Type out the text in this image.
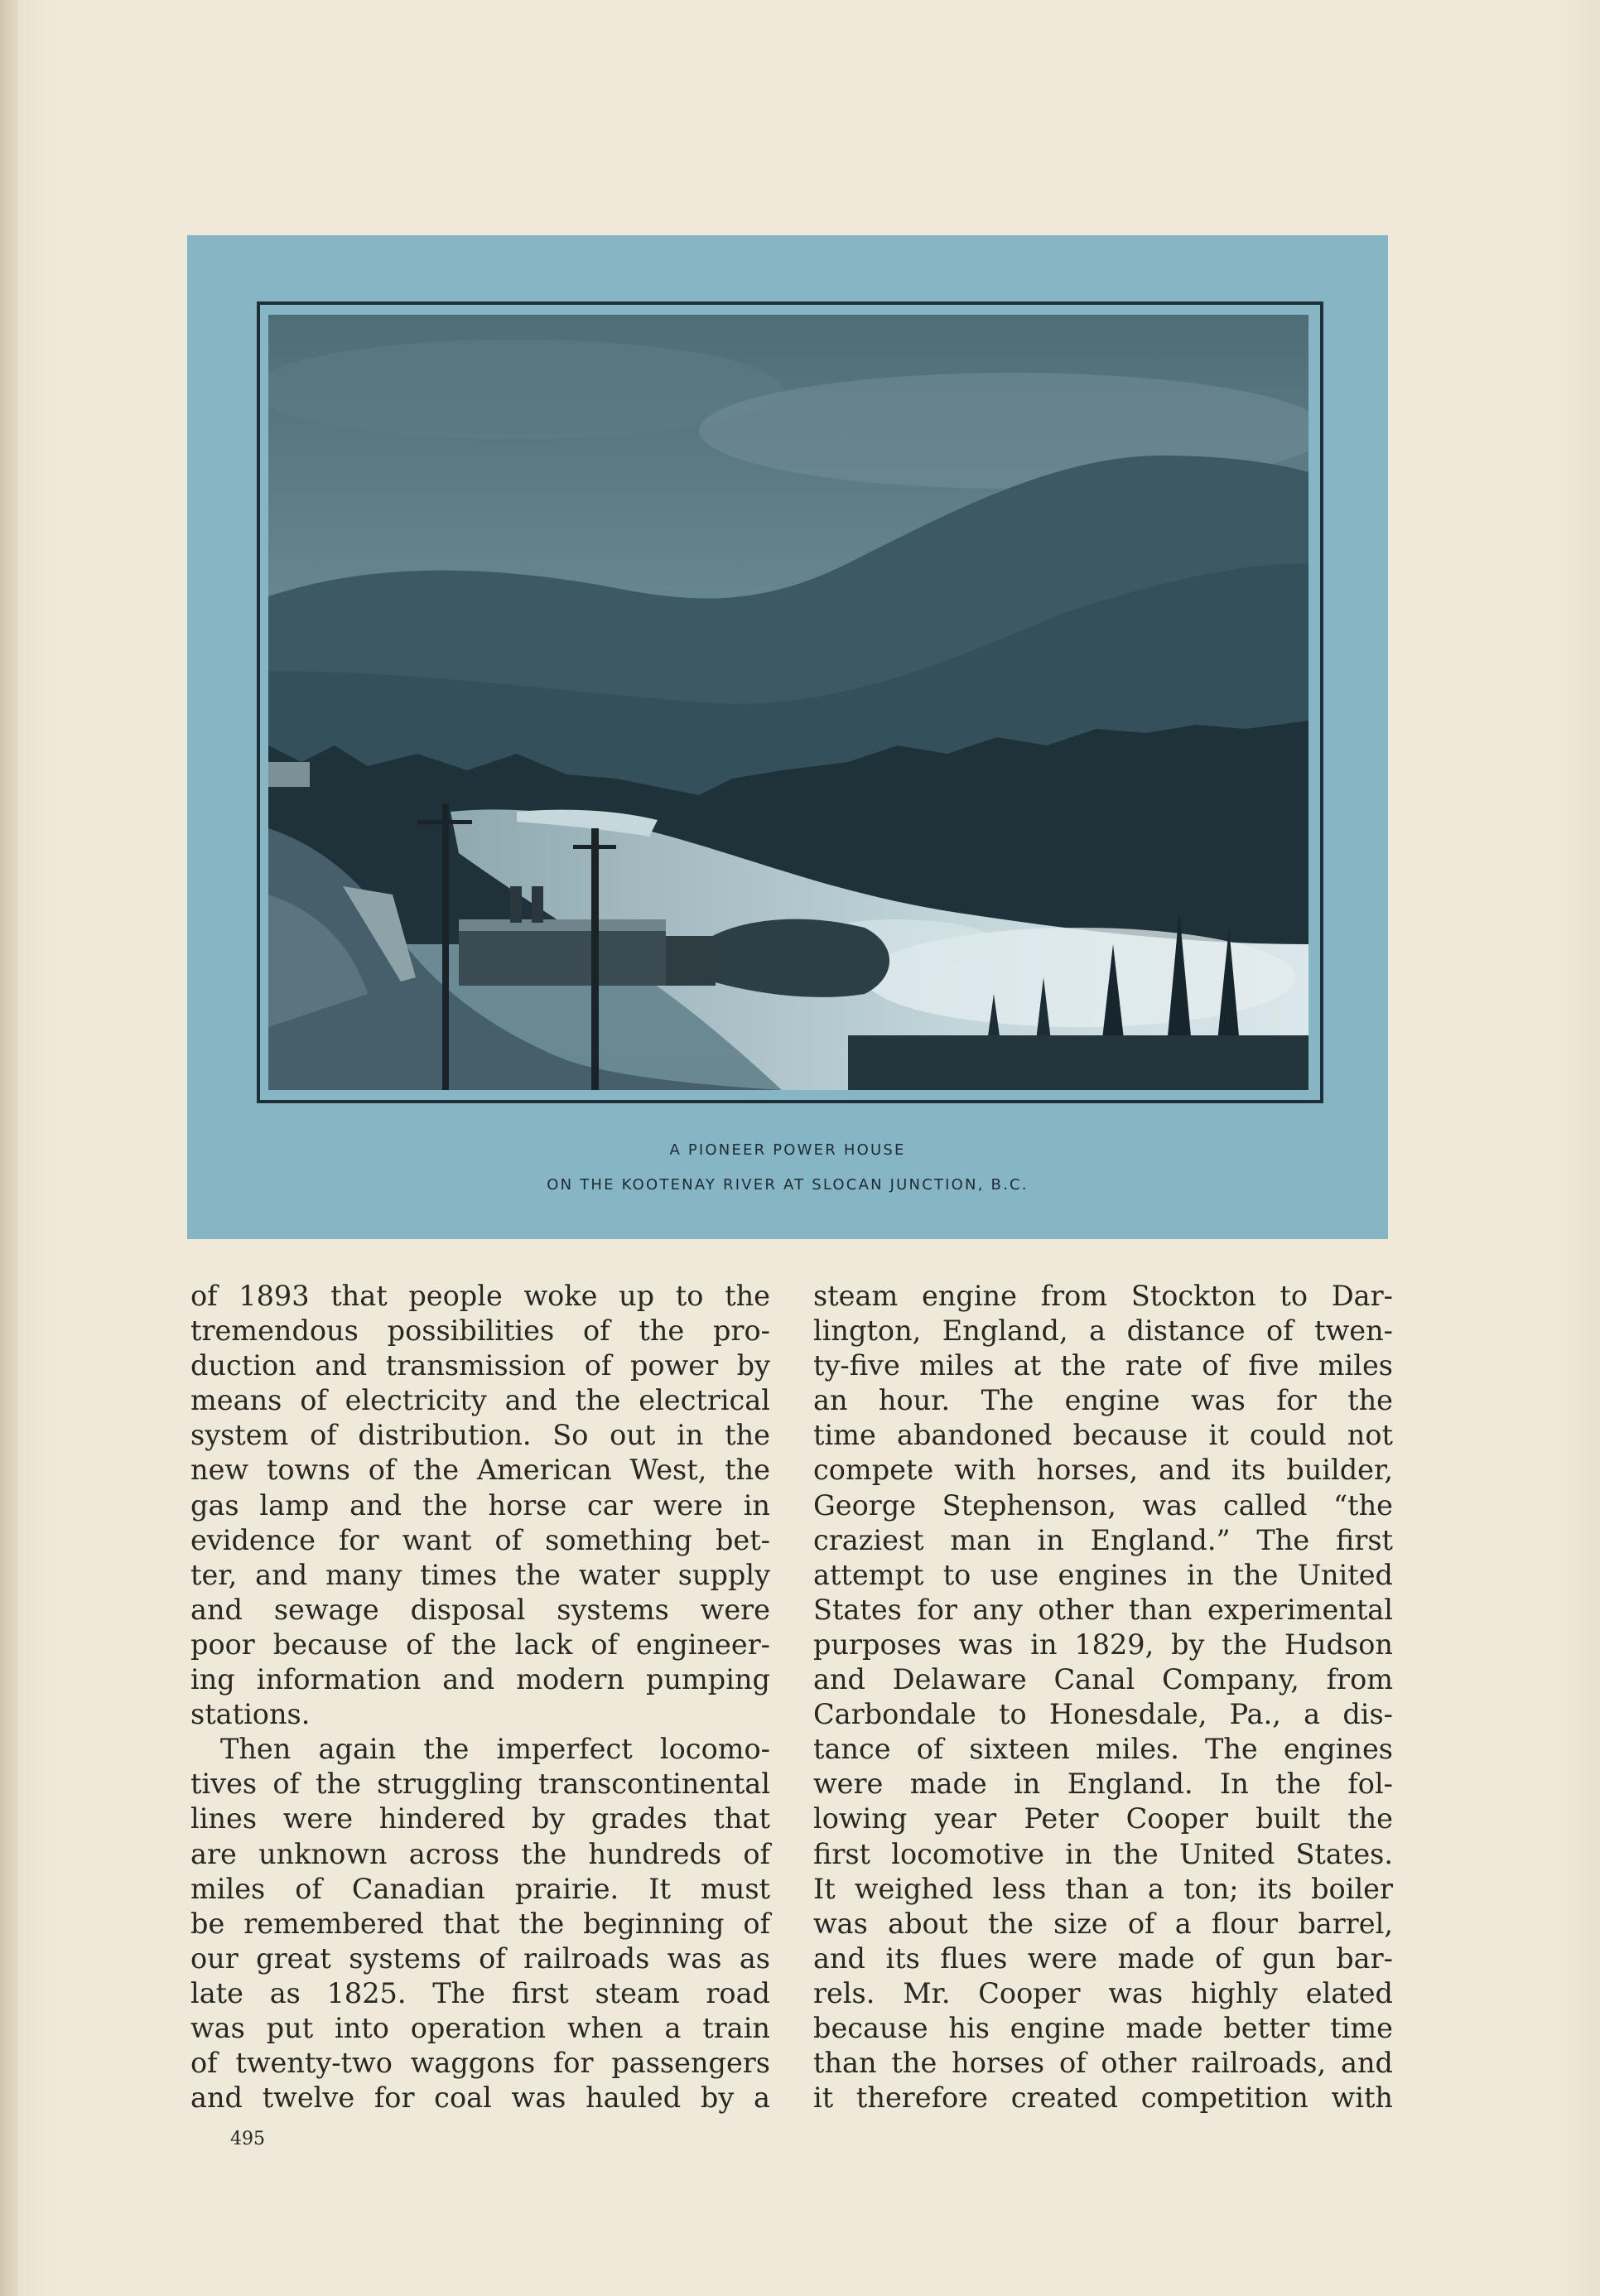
A PIONEER POWER HOUSE
ON THE KOOTENAY RIVER AT SLOCAN JUNCTION, B.C.
of 1893 that people woke up to the
tremendous possibilities of the pro-
duction and transmission of power by
means of electricity and the electrical
system of distribution. So out in the
new towns of the American West, the
gas lamp and the horse car were in
evidence for want of something bet-
ter, and many times the water supply
and sewage disposal systems were
poor because of the lack of engineer-
ing information and modern pumping
stations.
Then again the imperfect locomo-
tives of the struggling transcontinental
lines were hindered by grades that
are unknown across the hundreds of
miles of Canadian prairie. It must
be remembered that the beginning of
our great systems of railroads was as
late as 1825. The first steam road
was put into operation when a train
of twenty-two waggons for passengers
and twelve for coal was hauled by a
steam engine from Stockton to Dar-
lington, England, a distance of twen-
ty-five miles at the rate of five miles
an hour. The engine was for the
time abandoned because it could not
compete with horses, and its builder,
George Stephenson, was called “the
craziest man in England.” The first
attempt to use engines in the United
States for any other than experimental
purposes was in 1829, by the Hudson
and Delaware Canal Company, from
Carbondale to Honesdale, Pa., a dis-
tance of sixteen miles. The engines
were made in England. In the fol-
lowing year Peter Cooper built the
first locomotive in the United States.
It weighed less than a ton; its boiler
was about the size of a flour barrel,
and its flues were made of gun bar-
rels. Mr. Cooper was highly elated
because his engine made better time
than the horses of other railroads, and
it therefore created competition with
495
